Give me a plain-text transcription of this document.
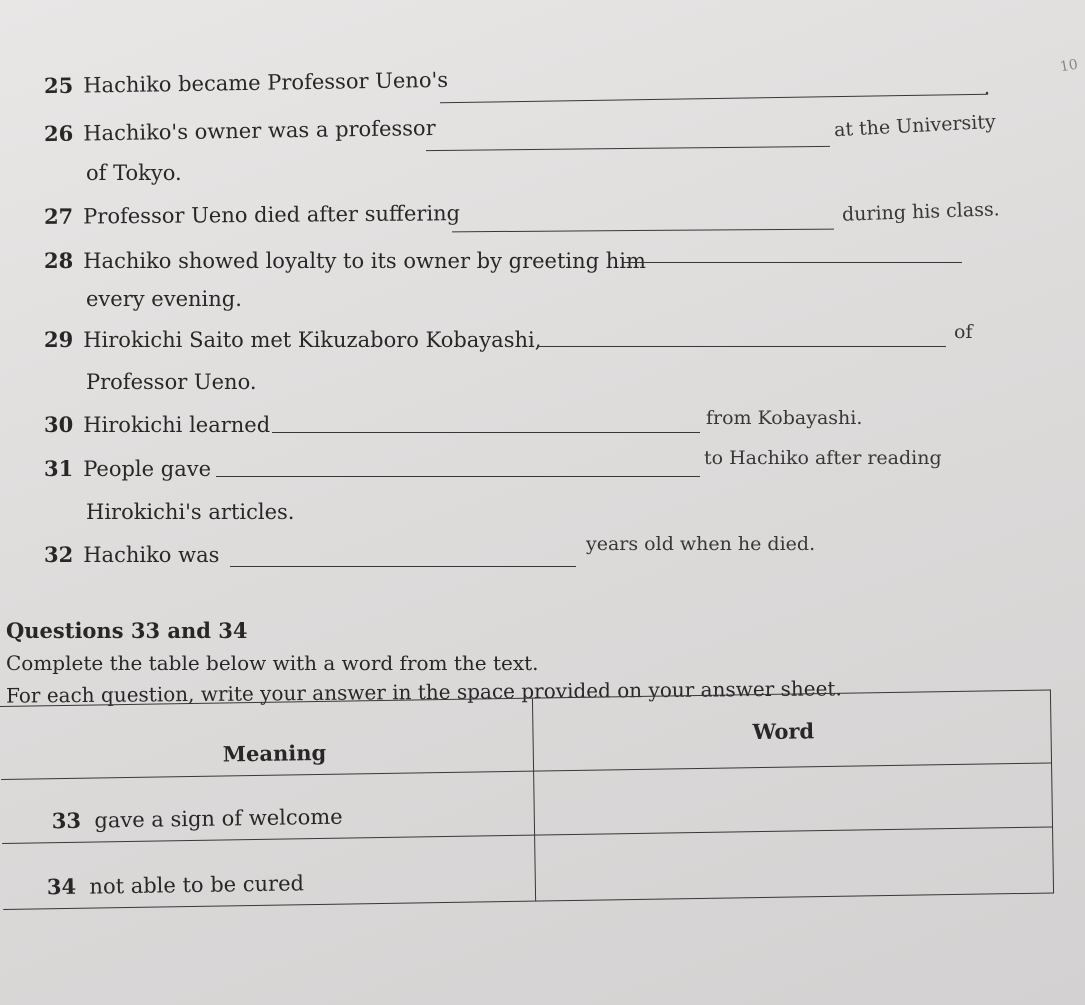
10
25 Hachiko became Professor Ueno's	.
26 Hachiko's owner was a professor	at the University
of Tokyo.
27 Professor Ueno died after suffering	during his class.
28 Hachiko showed loyalty to its owner by greeting him
every evening.
29 Hirokichi Saito met Kikuzaboro Kobayashi,	of
Professor Ueno.
30 Hirokichi learned	from Kobayashi.
31 People gave	to Hachiko after reading
Hirokichi's articles.
32 Hachiko was	years old when he died.
Questions 33 and 34
Complete the table below with a word from the text.
For each question, write your answer in the space provided on your answer sheet.
Meaning
Word
33 gave a sign of welcome
34 not able to be cured
